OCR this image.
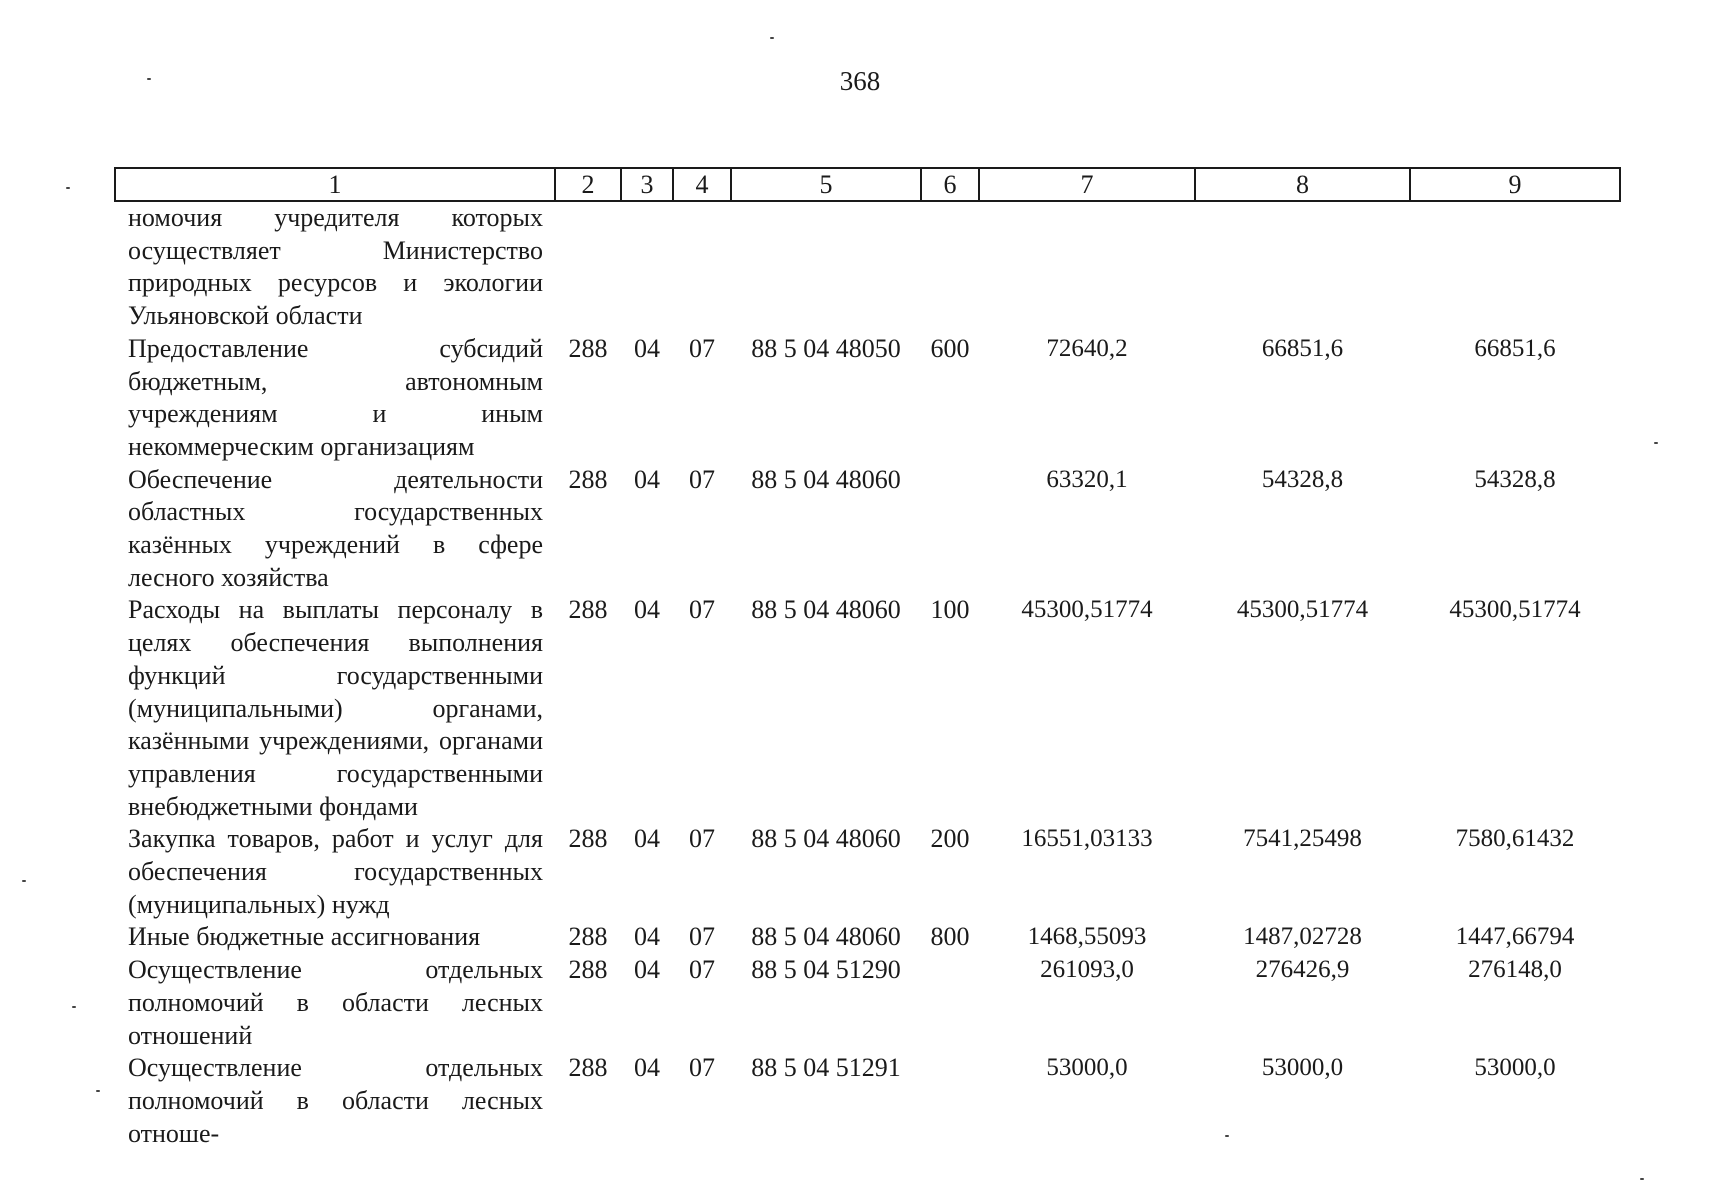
368
1	2	3	4	5	6	7	8	9
номочия учредителя которых осуществляет Министерство природных ресурсов и экологии Ульяновской области								
Предоставление субсидий бюджетным, автономным учреждениям и иным некоммерческим организациям	288	04	07	88 5 04 48050	600	72640,2	66851,6	66851,6
Обеспечение деятельности областных государственных казённых учреждений в сфере лесного хозяйства	288	04	07	88 5 04 48060		63320,1	54328,8	54328,8
Расходы на выплаты персоналу в целях обеспечения выполнения функций государственными (муниципальными) органами, казёнными учреждениями, органами управления государственными внебюджетными фондами	288	04	07	88 5 04 48060	100	45300,51774	45300,51774	45300,51774
Закупка товаров, работ и услуг для обеспечения государственных (муниципальных) нужд	288	04	07	88 5 04 48060	200	16551,03133	7541,25498	7580,61432
Иные бюджетные ассигнования	288	04	07	88 5 04 48060	800	1468,55093	1487,02728	1447,66794
Осуществление отдельных полномочий в области лесных отношений	288	04	07	88 5 04 51290		261093,0	276426,9	276148,0
Осуществление отдельных полномочий в области лесных отноше-	288	04	07	88 5 04 51291		53000,0	53000,0	53000,0
